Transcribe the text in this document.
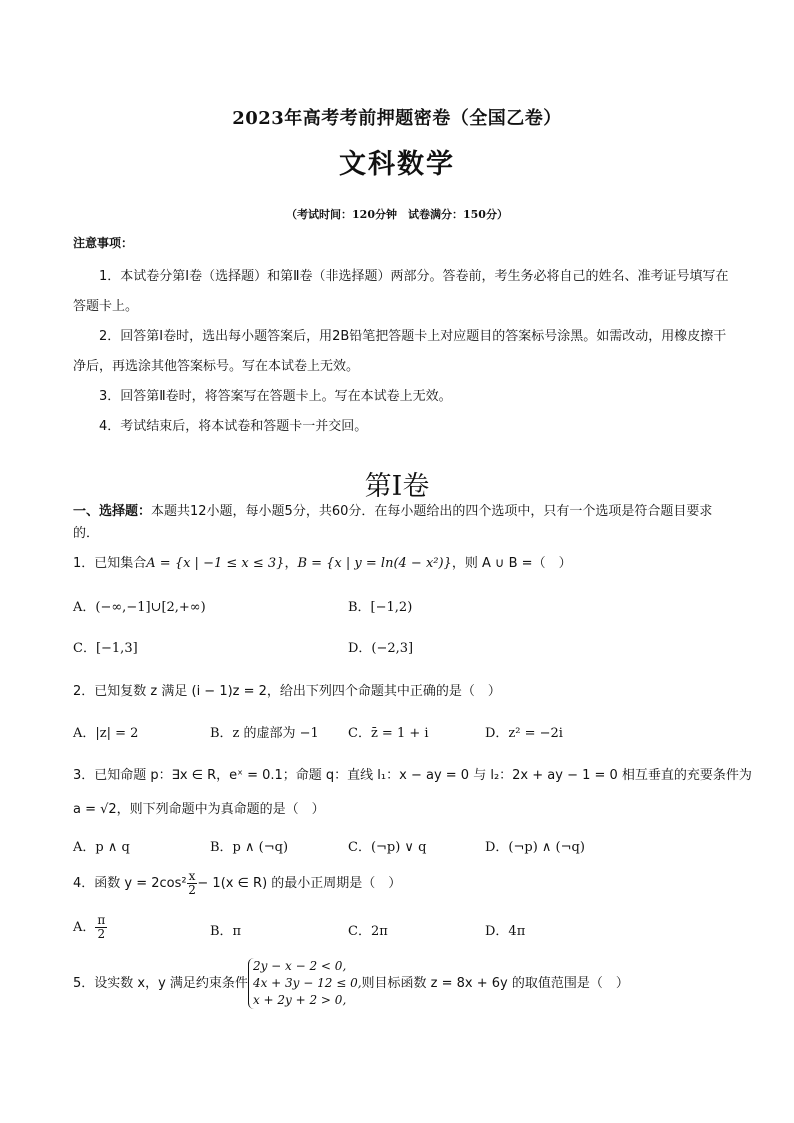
2023年高考考前押题密卷（全国乙卷）
文科数学
（考试时间：120分钟　试卷满分：150分）
注意事项：

1．本试卷分第Ⅰ卷（选择题）和第Ⅱ卷（非选择题）两部分。答卷前，考生务必将自己的姓名、准考证号填写在答题卡上。

2．回答第Ⅰ卷时，选出每小题答案后，用2B铅笔把答题卡上对应题目的答案标号涂黑。如需改动，用橡皮擦干净后，再选涂其他答案标号。写在本试卷上无效。

3．回答第Ⅱ卷时，将答案写在答题卡上。写在本试卷上无效。

4．考试结束后，将本试卷和答题卡一并交回。

第Ⅰ卷
一、选择题：本题共12小题，每小题5分，共60分．在每小题给出的四个选项中，只有一个选项是符合题目要求的．
1．已知集合A = {x | −1 ≤ x ≤ 3}，B = {x | y = ln(4 − x²)}，则 A ∪ B =（　）
A．(−∞,−1]∪[2,+∞)	B．[−1,2)
C．[−1,3]	D．(−2,3]
2．已知复数 z 满足 (i − 1)z = 2，给出下列四个命题其中正确的是（　）
A．|z| = 2	B．z 的虚部为 −1 C．z̄ = 1 + i	D．z² = −2i
3．已知命题 p：∃x ∈ R，eˣ = 0.1；命题 q：直线 l₁：x − ay = 0 与 l₂：2x + ay − 1 = 0 相互垂直的充要条件为
a = √2，则下列命题中为真命题的是（　）
A．p ∧ q	B．p ∧ (¬q)	C．(¬p) ∨ q	D．(¬p) ∧ (¬q)
4．函数 $y = 2\cos^2 \frac{x}{2} - 1(x$ ∈ R) 的最小正周期是（　）
A． $\frac{\pi}{2}$	B．π	C．2π	D．4π
5．设实数 x，y 满足约束条件
2y − x − 2 < 0,
4x + 3y − 12 ≤ 0,
x + 2y + 2 > 0,
则目标函数 z = 8x + 6y 的取值范围是（　）
